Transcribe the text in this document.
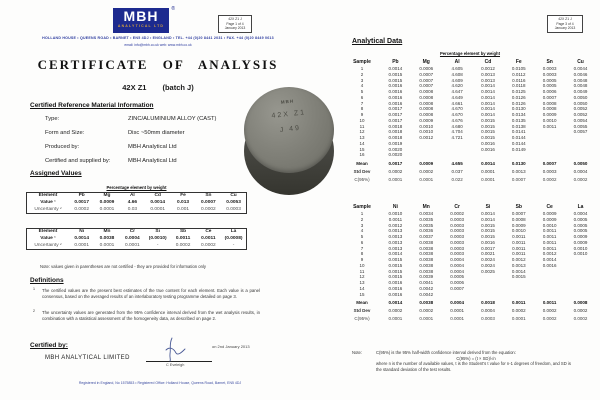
MBH
ANALYTICAL LTD
®
42X Z1 J
Page 1 of 4
January 2013
HOLLAND HOUSE • QUEENS ROAD • BARNET • EN5 4DJ • ENGLAND • TEL. +44 (0)20 8441 2031 • FAX. +44 (0)20 8449 0613
email: info@mbh.co.uk web: www.mbh.co.uk
CERTIFICATE OF ANALYSIS
42X Z1 (batch J)
Certified Reference Material Information
Type:	ZINC/ALUMINIUM ALLOY (CAST)
Form and Size:	Disc ~50mm diameter
Produced by:	MBH Analytical Ltd
Certified and supplied by:	MBH Analytical Ltd
MBH
42X Z1
J 49
Assigned Values
Percentage element by weight
Element	Pb	Mg	Al	Cd	Fe	Sn	Cu
Value ¹	0.0017	0.0009	4.66	0.0014	0.013	0.0007	0.0053
Uncertainty ²	0.0002	0.0001	0.03	0.0001	0.001	0.0002	0.0003
Element	Ni	Mn	Cr	Si	Sb	Ce	La
Value ¹	0.0014	0.0038	0.0004	(0.0010)	0.0011	0.0011	(0.0008)
Uncertainty ²	0.0001	0.0001	0.0001	-	0.0002	0.0002	-
Note: values given in parentheses are not certified - they are provided for information only
Definitions
1 The certified values are the present best estimates of the true content for each element. Each value is a panel consensus, based on the averaged results of an interlaboratory testing programme detailed on page 3.
2 The uncertainty values are generated from the 95% confidence interval derived from the wet analysis results, in combination with a statistical assessment of the homogeneity data, as described on page 2.
Certified by:
MBH ANALYTICAL LIMITED
C Eveleigh
on 2nd January 2013
Registered in England, No 1575853 • Registered Office: Holland House, Queens Road, Barnet, EN5 4DJ
42X Z1 J
Page 3 of 4
January 2013
Analytical Data
Percentage element by weight
Sample	Pb	Mg	Al	Cd	Fe	Sn	Cu
1	0.0014	0.0006	4.605	0.0012	0.0105	0.0003	0.0044
2	0.0015	0.0007	4.608	0.0013	0.0112	0.0003	0.0046
3	0.0015	0.0007	4.609	0.0013	0.0116	0.0005	0.0048
4	0.0016	0.0007	4.620	0.0014	0.0118	0.0005	0.0048
5	0.0016	0.0008	4.647	0.0014	0.0125	0.0006	0.0049
6	0.0016	0.0008	4.649	0.0014	0.0126	0.0007	0.0050
7	0.0016	0.0008	4.661	0.0014	0.0126	0.0008	0.0050
8	0.0017	0.0008	4.670	0.0014	0.0130	0.0008	0.0052
9	0.0017	0.0008	4.670	0.0014	0.0134	0.0009	0.0052
10	0.0017	0.0009	4.676	0.0015	0.0135	0.0010	0.0054
11	0.0018	0.0010	4.680	0.0015	0.0138	0.0011	0.0055
12	0.0018	0.0010	4.704	0.0015	0.0141		0.0057
13	0.0018	0.0012	4.721	0.0015	0.0144		
14	0.0019			0.0016	0.0144		
15	0.0020			0.0016	0.0149		
16	0.0020						
Mean	0.0017	0.0009	4.655	0.0014	0.0130	0.0007	0.0050
Std Dev	0.0002	0.0002	0.037	0.0001	0.0013	0.0003	0.0004
C(95%)	0.0001	0.0001	0.022	0.0001	0.0007	0.0002	0.0002
Sample	Ni	Mn	Cr	Si	Sb	Ce	La
1	0.0010	0.0034	0.0002	0.0014	0.0007	0.0009	0.0004
2	0.0011	0.0035	0.0003	0.0014	0.0008	0.0009	0.0005
3	0.0012	0.0035	0.0003	0.0015	0.0009	0.0010	0.0005
4	0.0013	0.0036	0.0003	0.0015	0.0010	0.0011	0.0005
5	0.0013	0.0037	0.0003	0.0015	0.0011	0.0011	0.0009
6	0.0013	0.0038	0.0003	0.0016	0.0011	0.0011	0.0009
7	0.0013	0.0038	0.0003	0.0017	0.0011	0.0011	0.0010
8	0.0014	0.0038	0.0003	0.0021	0.0011	0.0012	0.0010
9	0.0015	0.0038	0.0004	0.0024	0.0012	0.0014	
10	0.0015	0.0038	0.0004	0.0024	0.0013	0.0016	
11	0.0015	0.0038	0.0004	0.0025	0.0014		
12	0.0015	0.0039	0.0005		0.0015		
13	0.0016	0.0041	0.0006				
14	0.0016	0.0042	0.0007				
15	0.0016	0.0042					
Mean	0.0014	0.0038	0.0004	0.0018	0.0011	0.0011	0.0008
Std Dev	0.0002	0.0002	0.0001	0.0004	0.0002	0.0002	0.0002
C(95%)	0.0001	0.0001	0.0001	0.0003	0.0001	0.0002	0.0002
Note:	C(95%) is the 95% half-width confidence interval derived from the equation:
C(95%) = (t × SD)/√n
where n is the number of available values, t is the Student's t value for n-1 degrees of freedom, and SD is the standard deviation of the test results.
